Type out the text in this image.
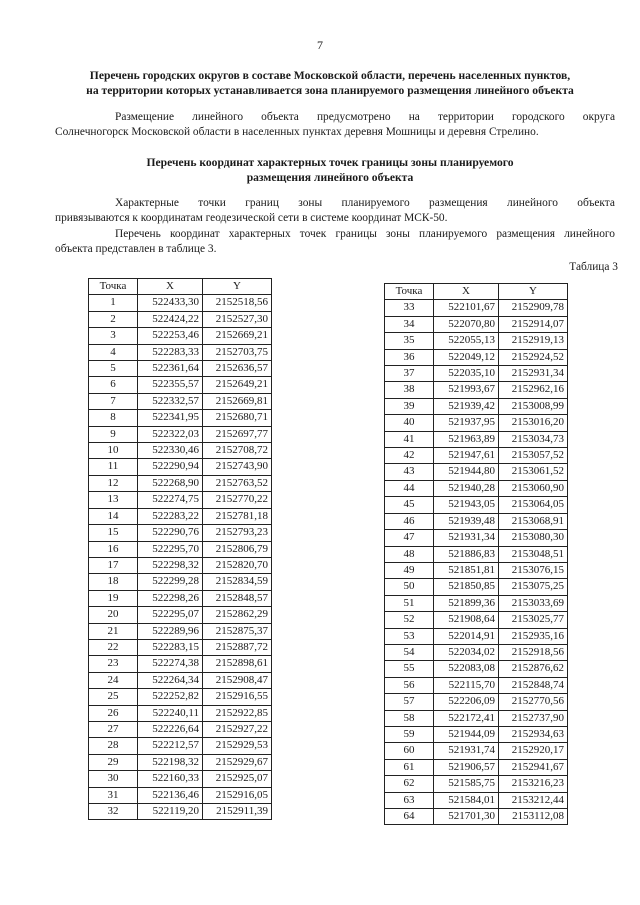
7
Перечень городских округов в составе Московской области, перечень населенных пунктов,
на территории которых устанавливается зона планируемого размещения линейного объекта
Размещение линейного объекта предусмотрено на территории городского округа
Солнечногорск Московской области в населенных пунктах деревня Мошницы и деревня Стрелино.
Перечень координат характерных точек границы зоны планируемого
размещения линейного объекта
Характерные точки границ зоны планируемого размещения линейного объекта
привязываются к координатам геодезической сети в системе координат МСК-50.
Перечень координат характерных точек границы зоны планируемого размещения линейного
объекта представлен в таблице 3.
Таблица 3
Точка	X	Y
1	522433,30	2152518,56
2	522424,22	2152527,30
3	522253,46	2152669,21
4	522283,33	2152703,75
5	522361,64	2152636,57
6	522355,57	2152649,21
7	522332,57	2152669,81
8	522341,95	2152680,71
9	522322,03	2152697,77
10	522330,46	2152708,72
11	522290,94	2152743,90
12	522268,90	2152763,52
13	522274,75	2152770,22
14	522283,22	2152781,18
15	522290,76	2152793,23
16	522295,70	2152806,79
17	522298,32	2152820,70
18	522299,28	2152834,59
19	522298,26	2152848,57
20	522295,07	2152862,29
21	522289,96	2152875,37
22	522283,15	2152887,72
23	522274,38	2152898,61
24	522264,34	2152908,47
25	522252,82	2152916,55
26	522240,11	2152922,85
27	522226,64	2152927,22
28	522212,57	2152929,53
29	522198,32	2152929,67
30	522160,33	2152925,07
31	522136,46	2152916,05
32	522119,20	2152911,39
Точка	X	Y
33	522101,67	2152909,78
34	522070,80	2152914,07
35	522055,13	2152919,13
36	522049,12	2152924,52
37	522035,10	2152931,34
38	521993,67	2152962,16
39	521939,42	2153008,99
40	521937,95	2153016,20
41	521963,89	2153034,73
42	521947,61	2153057,52
43	521944,80	2153061,52
44	521940,28	2153060,90
45	521943,05	2153064,05
46	521939,48	2153068,91
47	521931,34	2153080,30
48	521886,83	2153048,51
49	521851,81	2153076,15
50	521850,85	2153075,25
51	521899,36	2153033,69
52	521908,64	2153025,77
53	522014,91	2152935,16
54	522034,02	2152918,56
55	522083,08	2152876,62
56	522115,70	2152848,74
57	522206,09	2152770,56
58	522172,41	2152737,90
59	521944,09	2152934,63
60	521931,74	2152920,17
61	521906,57	2152941,67
62	521585,75	2153216,23
63	521584,01	2153212,44
64	521701,30	2153112,08
